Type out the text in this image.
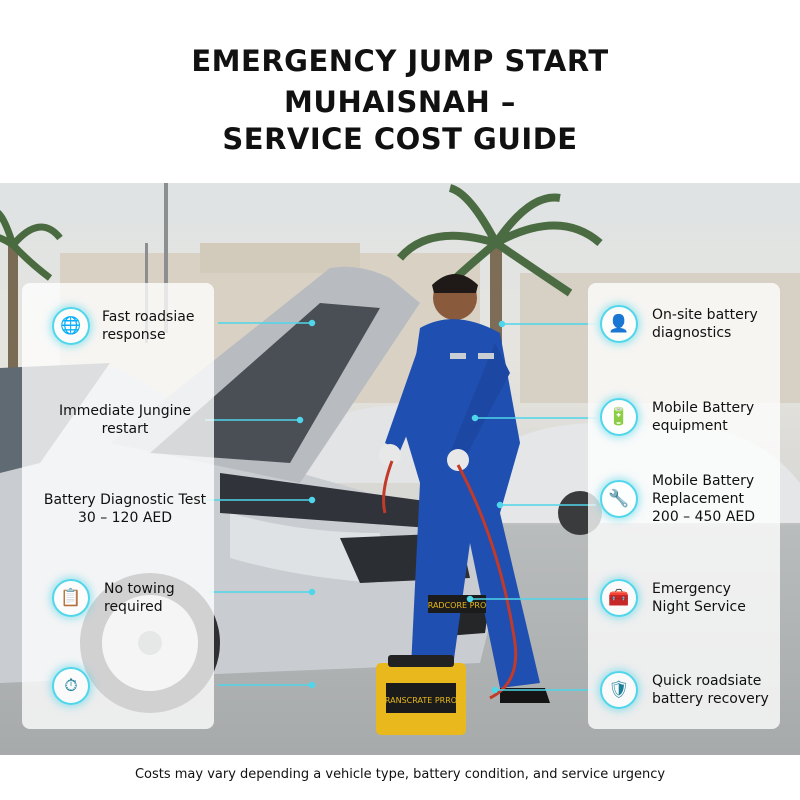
EMERGENCY JUMP START
MUHAISNAH –
SERVICE COST GUIDE
RANSCRATE PRRO
RADCORE PRO
🌐 Fast roadsiae
response
Immediate Jungine
restart
Battery Diagnostic Test
30 – 120 AED
📋 No towing
required
⏱
👤 On-site battery
diagnostics
🔋 Mobile Battery
equipment
🔧
Mobile Battery
Replacement
200 – 450 AED
🧰 Emergency
Night Service
🛡 Quick roadsiate
battery recovery
Costs may vary depending a vehicle type, battery condition, and service urgency
